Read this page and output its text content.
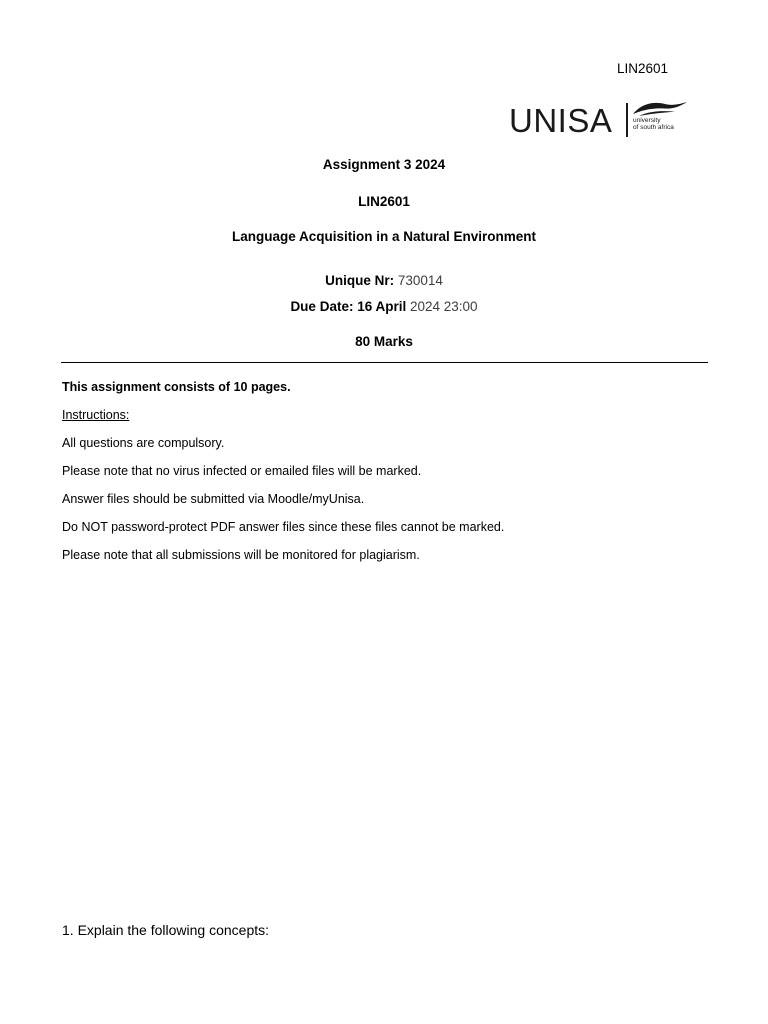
LIN2601
UNISA	university
of south africa
Assignment 3 2024
LIN2601
Language Acquisition in a Natural Environment
Unique Nr: 730014
Due Date: 16 April 2024 23:00
80 Marks
This assignment consists of 10 pages.
Instructions:
All questions are compulsory.
Please note that no virus infected or emailed files will be marked.
Answer files should be submitted via Moodle/myUnisa.
Do NOT password-protect PDF answer files since these files cannot be marked.
Please note that all submissions will be monitored for plagiarism.
1. Explain the following concepts:
